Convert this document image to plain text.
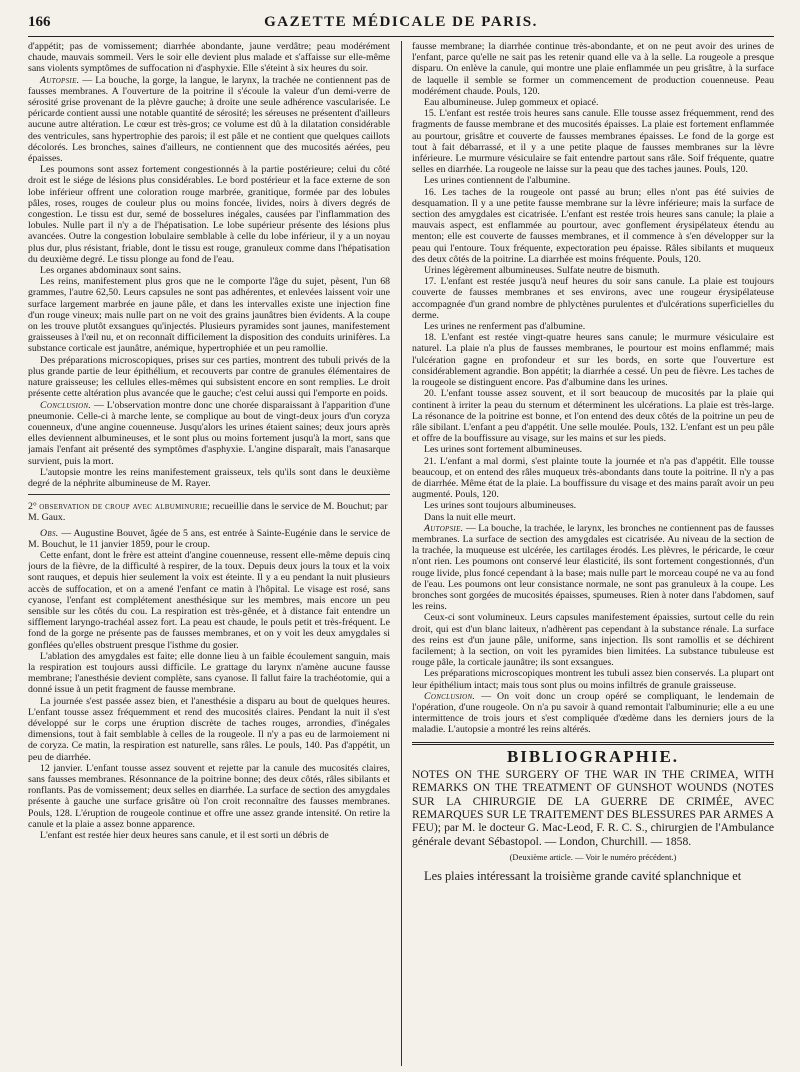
166	GAZETTE MÉDICALE DE PARIS.

d'appétit; pas de vomissement; diarrhée abondante, jaune verdâtre; peau modérément chaude, mauvais sommeil. Vers le soir elle devient plus malade et s'affaisse sur elle-même sans violents symptômes de suffocation ni d'asphyxie. Elle s'éteint à six heures du soir.

Autopsie. — La bouche, la gorge, la langue, le larynx, la trachée ne contiennent pas de fausses membranes. A l'ouverture de la poitrine il s'écoule la valeur d'un demi-verre de sérosité grise provenant de la plèvre gauche; à droite une seule adhérence vascularisée. Le péricarde contient aussi une notable quantité de sérosité; les séreuses ne présentent d'ailleurs aucune autre altération. Le cœur est très-gros; ce volume est dû à la dilatation considérable des ventricules, sans hypertrophie des parois; il est pâle et ne contient que quelques caillots décolorés. Les bronches, saines d'ailleurs, ne contiennent que des mucosités aérées, peu épaisses.

Les poumons sont assez fortement congestionnés à la partie postérieure; celui du côté droit est le siége de lésions plus considérables. Le bord postérieur et la face externe de son lobe inférieur offrent une coloration rouge marbrée, granitique, formée par des lobules pâles, roses, rouges de couleur plus ou moins foncée, livides, noirs à divers degrés de congestion. Le tissu est dur, semé de bosselures inégales, causées par l'inflammation des lobules. Nulle part il n'y a de l'hépatisation. Le lobe supérieur présente des lésions plus avancées. Outre la congestion lobulaire semblable à celle du lobe inférieur, il y a un noyau plus dur, plus résistant, friable, dont le tissu est rouge, granuleux comme dans l'hépatisation du deuxième degré. Le tissu plonge au fond de l'eau.

Les organes abdominaux sont sains.

Les reins, manifestement plus gros que ne le comporte l'âge du sujet, pèsent, l'un 68 grammes, l'autre 62,50. Leurs capsules ne sont pas adhérentes, et enlevées laissent voir une surface largement marbrée en jaune pâle, et dans les intervalles existe une injection fine d'un rouge vineux; mais nulle part on ne voit des grains jaunâtres bien évidents. A la coupe on les trouve plutôt exsangues qu'injectés. Plusieurs pyramides sont jaunes, manifestement graisseuses à l'œil nu, et on reconnaît difficilement la disposition des conduits urinifères. La substance corticale est jaunâtre, anémique, hypertrophiée et un peu ramollie.

Des préparations microscopiques, prises sur ces parties, montrent des tubuli privés de la plus grande partie de leur épithélium, et recouverts par contre de granules élémentaires de nature graisseuse; les cellules elles-mêmes qui subsistent encore en sont remplies. Le droit présente cette altération plus avancée que le gauche; c'est celui aussi qui l'emporte en poids.

Conclusion. — L'observation montre donc une chorée disparaissant à l'apparition d'une pneumonie. Celle-ci à marche lente, se complique au bout de vingt-deux jours d'un coryza couenneux, d'une angine couenneuse. Jusqu'alors les urines étaient saines; deux jours après elles deviennent albumineuses, et le sont plus ou moins fortement jusqu'à la mort, sans que jamais l'enfant ait présenté des symptômes d'asphyxie. L'angine disparaît, mais l'anasarque survient, puis la mort.

L'autopsie montre les reins manifestement graisseux, tels qu'ils sont dans le deuxième degré de la néphrite albumineuse de M. Rayer.

2° observation de croup avec albuminurie; recueillie dans le service de M. Bouchut; par M. Gaux.

Obs. — Augustine Bouvet, âgée de 5 ans, est entrée à Sainte-Eugénie dans le service de M. Bouchut, le 11 janvier 1859, pour le croup.

Cette enfant, dont le frère est atteint d'angine couenneuse, ressent elle-même depuis cinq jours de la fièvre, de la difficulté à respirer, de la toux. Depuis deux jours la toux et la voix sont rauques, et depuis hier seulement la voix est éteinte. Il y a eu pendant la nuit plusieurs accès de suffocation, et on a amené l'enfant ce matin à l'hôpital. Le visage est rosé, sans cyanose, l'enfant est complétement anesthésique sur les membres, mais encore un peu sensible sur les côtés du cou. La respiration est très-gênée, et à distance fait entendre un sifflement laryngo-trachéal assez fort. La peau est chaude, le pouls petit et très-fréquent. Le fond de la gorge ne présente pas de fausses membranes, et on y voit les deux amygdales si gonflées qu'elles obstruent presque l'isthme du gosier.

L'ablation des amygdales est faite; elle donne lieu à un faible écoulement sanguin, mais la respiration est toujours aussi difficile. Le grattage du larynx n'amène aucune fausse membrane; l'anesthésie devient complète, sans cyanose. Il fallut faire la trachéotomie, qui a donné issue à un petit fragment de fausse membrane.

La journée s'est passée assez bien, et l'anesthésie a disparu au bout de quelques heures. L'enfant tousse assez fréquemment et rend des mucosités claires. Pendant la nuit il s'est développé sur le corps une éruption discrète de taches rouges, arrondies, d'inégales dimensions, tout à fait semblable à celles de la rougeole. Il n'y a pas eu de larmoiement ni de coryza. Ce matin, la respiration est naturelle, sans râles. Le pouls, 140. Pas d'appétit, un peu de diarrhée.

12 janvier. L'enfant tousse assez souvent et rejette par la canule des mucosités claires, sans fausses membranes. Résonnance de la poitrine bonne; des deux côtés, râles sibilants et ronflants. Pas de vomissement; deux selles en diarrhée. La surface de section des amygdales présente à gauche une surface grisâtre où l'on croit reconnaître des fausses membranes. Pouls, 128. L'éruption de rougeole continue et offre une assez grande intensité. On retire la canule et la plaie a assez bonne apparence.

L'enfant est restée hier deux heures sans canule, et il est sorti un débris de

fausse membrane; la diarrhée continue très-abondante, et on ne peut avoir des urines de l'enfant, parce qu'elle ne sait pas les retenir quand elle va à la selle. La rougeole a presque disparu. On enlève la canule, qui montre une plaie enflammée un peu grisâtre, à la surface de laquelle il semble se former un commencement de production couenneuse. Peau modérément chaude. Pouls, 120.

Eau albumineuse. Julep gommeux et opiacé.

15. L'enfant est restée trois heures sans canule. Elle tousse assez fréquemment, rend des fragments de fausse membrane et des mucosités épaisses. La plaie est fortement enflammée au pourtour, grisâtre et couverte de fausses membranes épaisses. Le fond de la gorge est tout à fait débarrassé, et il y a une petite plaque de fausses membranes sur la lèvre inférieure. Le murmure vésiculaire se fait entendre partout sans râle. Soif fréquente, quatre selles en diarrhée. La rougeole ne laisse sur la peau que des taches jaunes. Pouls, 120.

Les urines contiennent de l'albumine.

16. Les taches de la rougeole ont passé au brun; elles n'ont pas été suivies de desquamation. Il y a une petite fausse membrane sur la lèvre inférieure; mais la surface de section des amygdales est cicatrisée. L'enfant est restée trois heures sans canule; la plaie a mauvais aspect, est enflammée au pourtour, avec gonflement érysipélateux étendu au menton; elle est couverte de fausses membranes, et il commence à s'en développer sur la peau qui l'entoure. Toux fréquente, expectoration peu épaisse. Râles sibilants et muqueux des deux côtés de la poitrine. La diarrhée est moins fréquente. Pouls, 120.

Urines légèrement albumineuses. Sulfate neutre de bismuth.

17. L'enfant est restée jusqu'à neuf heures du soir sans canule. La plaie est toujours couverte de fausses membranes et ses environs, avec une rougeur érysipélateuse accompagnée d'un grand nombre de phlyctènes purulentes et d'ulcérations superficielles du derme.

Les urines ne renferment pas d'albumine.

18. L'enfant est restée vingt-quatre heures sans canule; le murmure vésiculaire est naturel. La plaie n'a plus de fausses membranes, le pourtour est moins enflammé; mais l'ulcération gagne en profondeur et sur les bords, en sorte que l'ouverture est considérablement agrandie. Bon appétit; la diarrhée a cessé. Un peu de fièvre. Les taches de la rougeole se distinguent encore. Pas d'albumine dans les urines.

20. L'enfant tousse assez souvent, et il sort beaucoup de mucosités par la plaie qui continent à irriter la peau du sternum et déterminent les ulcérations. La plaie est très-large. La résonance de la poitrine est bonne, et l'on entend des deux côtés de la poitrine un peu de râle sibilant. L'enfant a peu d'appétit. Une selle moulée. Pouls, 132. L'enfant est un peu pâle et offre de la bouffissure au visage, sur les mains et sur les pieds.

Les urines sont fortement albumineuses.

21. L'enfant a mal dormi, s'est plainte toute la journée et n'a pas d'appétit. Elle tousse beaucoup, et on entend des râles muqueux très-abondants dans toute la poitrine. Il n'y a pas de diarrhée. Même état de la plaie. La bouffissure du visage et des mains paraît avoir un peu augmenté. Pouls, 120.

Les urines sont toujours albumineuses.

Dans la nuit elle meurt.

Autopsie. — La bouche, la trachée, le larynx, les bronches ne contiennent pas de fausses membranes. La surface de section des amygdales est cicatrisée. Au niveau de la section de la trachée, la muqueuse est ulcérée, les cartilages érodés. Les plèvres, le péricarde, le cœur n'ont rien. Les poumons ont conservé leur élasticité, ils sont fortement congestionnés, d'un rouge livide, plus foncé cependant à la base; mais nulle part le morceau coupé ne va au fond de l'eau. Les poumons ont leur consistance normale, ne sont pas granuleux à la coupe. Les bronches sont gorgées de mucosités épaisses, spumeuses. Rien à noter dans l'abdomen, sauf les reins.

Ceux-ci sont volumineux. Leurs capsules manifestement épaissies, surtout celle du rein droit, qui est d'un blanc laiteux, n'adhèrent pas cependant à la substance rénale. La surface des reins est d'un jaune pâle, uniforme, sans injection. Ils sont ramollis et se déchirent facilement; à la section, on voit les pyramides bien limitées. La substance tubuleuse est rouge pâle, la corticale jaunâtre; ils sont exsangues.

Les préparations microscopiques montrent les tubuli assez bien conservés. La plupart ont leur épithélium intact; mais tous sont plus ou moins infiltrés de granule graisseuse.

Conclusion. — On voit donc un croup opéré se compliquant, le lendemain de l'opération, d'une rougeole. On n'a pu savoir à quand remontait l'albuminurie; elle a eu une intermittence de trois jours et s'est compliquée d'œdème dans les derniers jours de la maladie. L'autopsie a montré les reins altérés.

BIBLIOGRAPHIE.

NOTES ON THE SURGERY OF THE WAR IN THE CRIMEA, WITH REMARKS ON THE TREATMENT OF GUNSHOT WOUNDS (NOTES SUR LA CHIRURGIE DE LA GUERRE DE CRIMÉE, AVEC REMARQUES SUR LE TRAITEMENT DES BLESSURES PAR ARMES A FEU); par M. le docteur G. Mac-Leod, F. R. C. S., chirurgien de l'Ambulance générale devant Sébastopol. — London, Churchill. — 1858.

(Deuxième article. — Voir le numéro précédent.)

Les plaies intéressant la troisième grande cavité splanchnique et
